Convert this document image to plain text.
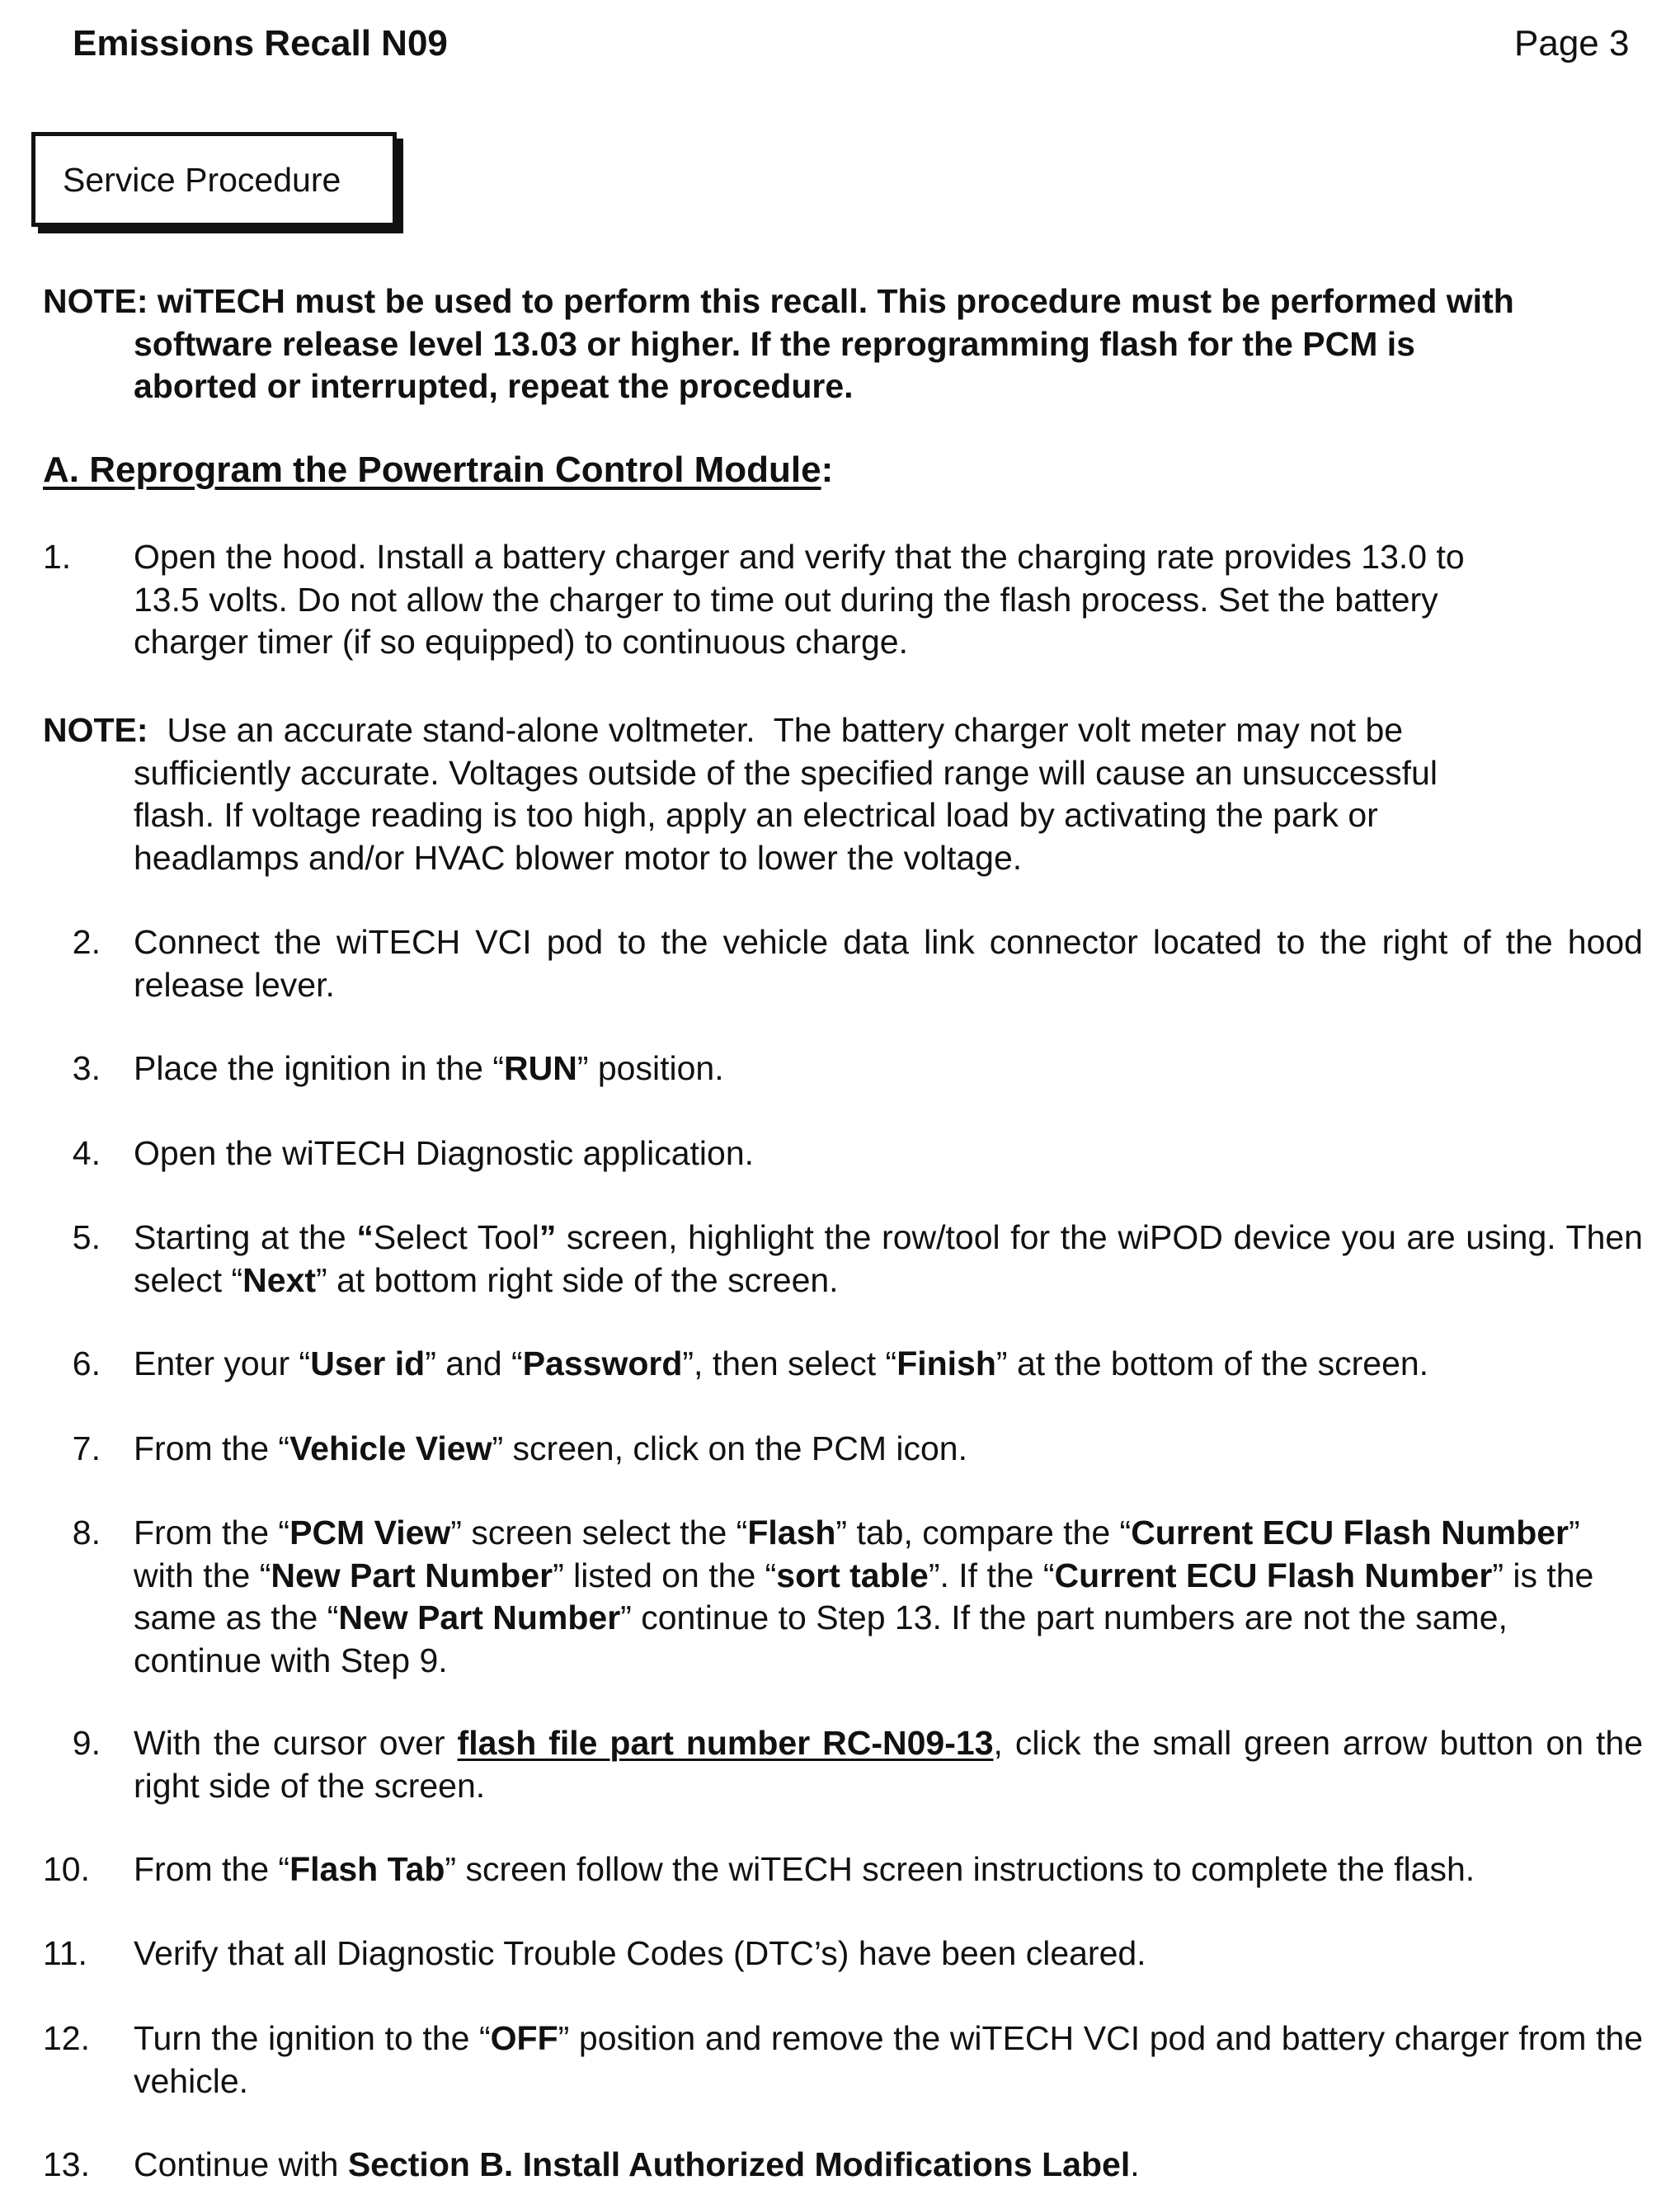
Emissions Recall N09	Page 3
Service Procedure
NOTE: wiTECH must be used to perform this recall. This procedure must be performed with
software release level 13.03 or higher. If the reprogramming flash for the PCM is
aborted or interrupted, repeat the procedure.
A. Reprogram the Powertrain Control Module:
1.	Open the hood. Install a battery charger and verify that the charging rate provides 13.0 to
13.5 volts. Do not allow the charger to time out during the flash process. Set the battery
charger timer (if so equipped) to continuous charge.
NOTE:  Use an accurate stand-alone voltmeter.  The battery charger volt meter may not be
sufficiently accurate. Voltages outside of the specified range will cause an unsuccessful
flash. If voltage reading is too high, apply an electrical load by activating the park or
headlamps and/or HVAC blower motor to lower the voltage.
2. Connect the wiTECH VCI pod to the vehicle data link connector located to the right of the hood release lever.
3. Place the ignition in the “RUN” position.
4. Open the wiTECH Diagnostic application.
5. Starting at the “Select Tool” screen, highlight the row/tool for the wiPOD device you are using. Then select “Next” at bottom right side of the screen.
6. Enter your “User id” and “Password”, then select “Finish” at the bottom of the screen.
7. From the “Vehicle View” screen, click on the PCM icon.
8. From the “PCM View” screen select the “Flash” tab, compare the “Current ECU Flash Number” with the “New Part Number” listed on the “sort table”. If the “Current ECU Flash Number” is the same as the “New Part Number” continue to Step 13. If the part numbers are not the same, continue with Step 9.
9. With the cursor over flash file part number RC-N09-13, click the small green arrow button on the right side of the screen.
10.	From the “Flash Tab” screen follow the wiTECH screen instructions to complete the flash.
11.	Verify that all Diagnostic Trouble Codes (DTC’s) have been cleared.
12.	Turn the ignition to the “OFF” position and remove the wiTECH VCI pod and battery charger from the vehicle.
13.	Continue with Section B. Install Authorized Modifications Label.
